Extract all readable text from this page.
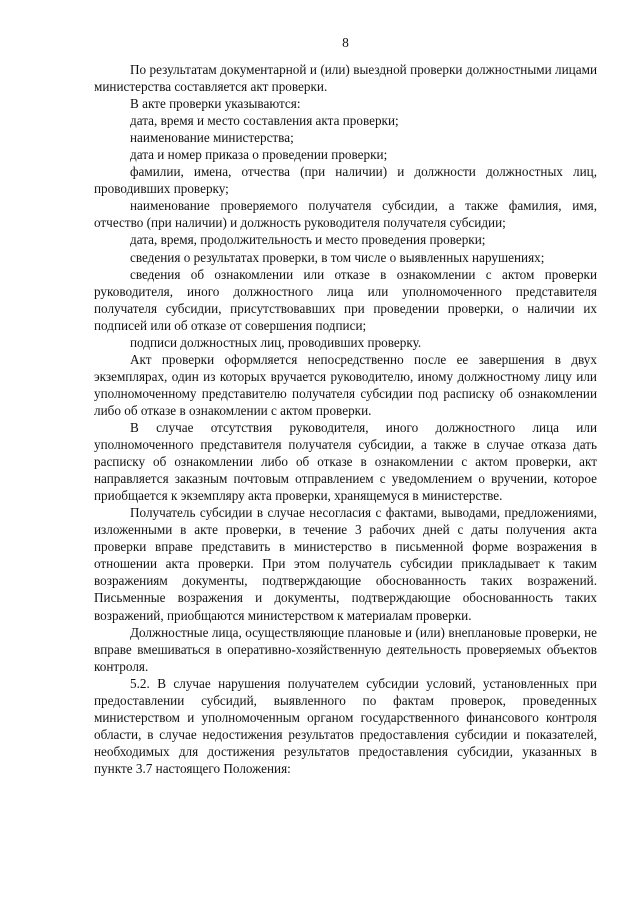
8

По результатам документарной и (или) выездной проверки должностными лицами министерства составляется акт проверки.

В акте проверки указываются:

дата, время и место составления акта проверки;

наименование министерства;

дата и номер приказа о проведении проверки;

фамилии, имена, отчества (при наличии) и должности должностных лиц, проводивших проверку;

наименование проверяемого получателя субсидии, а также фамилия, имя, отчество (при наличии) и должность руководителя получателя субсидии;

дата, время, продолжительность и место проведения проверки;

сведения о результатах проверки, в том числе о выявленных нарушениях;

сведения об ознакомлении или отказе в ознакомлении с актом проверки руководителя, иного должностного лица или уполномоченного представителя получателя субсидии, присутствовавших при проведении проверки, о наличии их подписей или об отказе от совершения подписи;

подписи должностных лиц, проводивших проверку.

Акт проверки оформляется непосредственно после ее завершения в двух экземплярах, один из которых вручается руководителю, иному должностному лицу или уполномоченному представителю получателя субсидии под расписку об ознакомлении либо об отказе в ознакомлении с актом проверки.

В случае отсутствия руководителя, иного должностного лица или уполномоченного представителя получателя субсидии, а также в случае отказа дать расписку об ознакомлении либо об отказе в ознакомлении с актом проверки, акт направляется заказным почтовым отправлением с уведомлением о вручении, которое приобщается к экземпляру акта проверки, хранящемуся в министерстве.

Получатель субсидии в случае несогласия с фактами, выводами, предложениями, изложенными в акте проверки, в течение 3 рабочих дней с даты получения акта проверки вправе представить в министерство в письменной форме возражения в отношении акта проверки. При этом получатель субсидии прикладывает к таким возражениям документы, подтверждающие обоснованность таких возражений. Письменные возражения и документы, подтверждающие обоснованность таких возражений, приобщаются министерством к материалам проверки.

Должностные лица, осуществляющие плановые и (или) внеплановые проверки, не вправе вмешиваться в оперативно-хозяйственную деятельность проверяемых объектов контроля.

5.2. В случае нарушения получателем субсидии условий, установленных при предоставлении субсидий, выявленного по фактам проверок, проведенных министерством и уполномоченным органом государственного финансового контроля области, в случае недостижения результатов предоставления субсидии и показателей, необходимых для достижения результатов предоставления субсидии, указанных в пункте 3.7 настоящего Положения:
